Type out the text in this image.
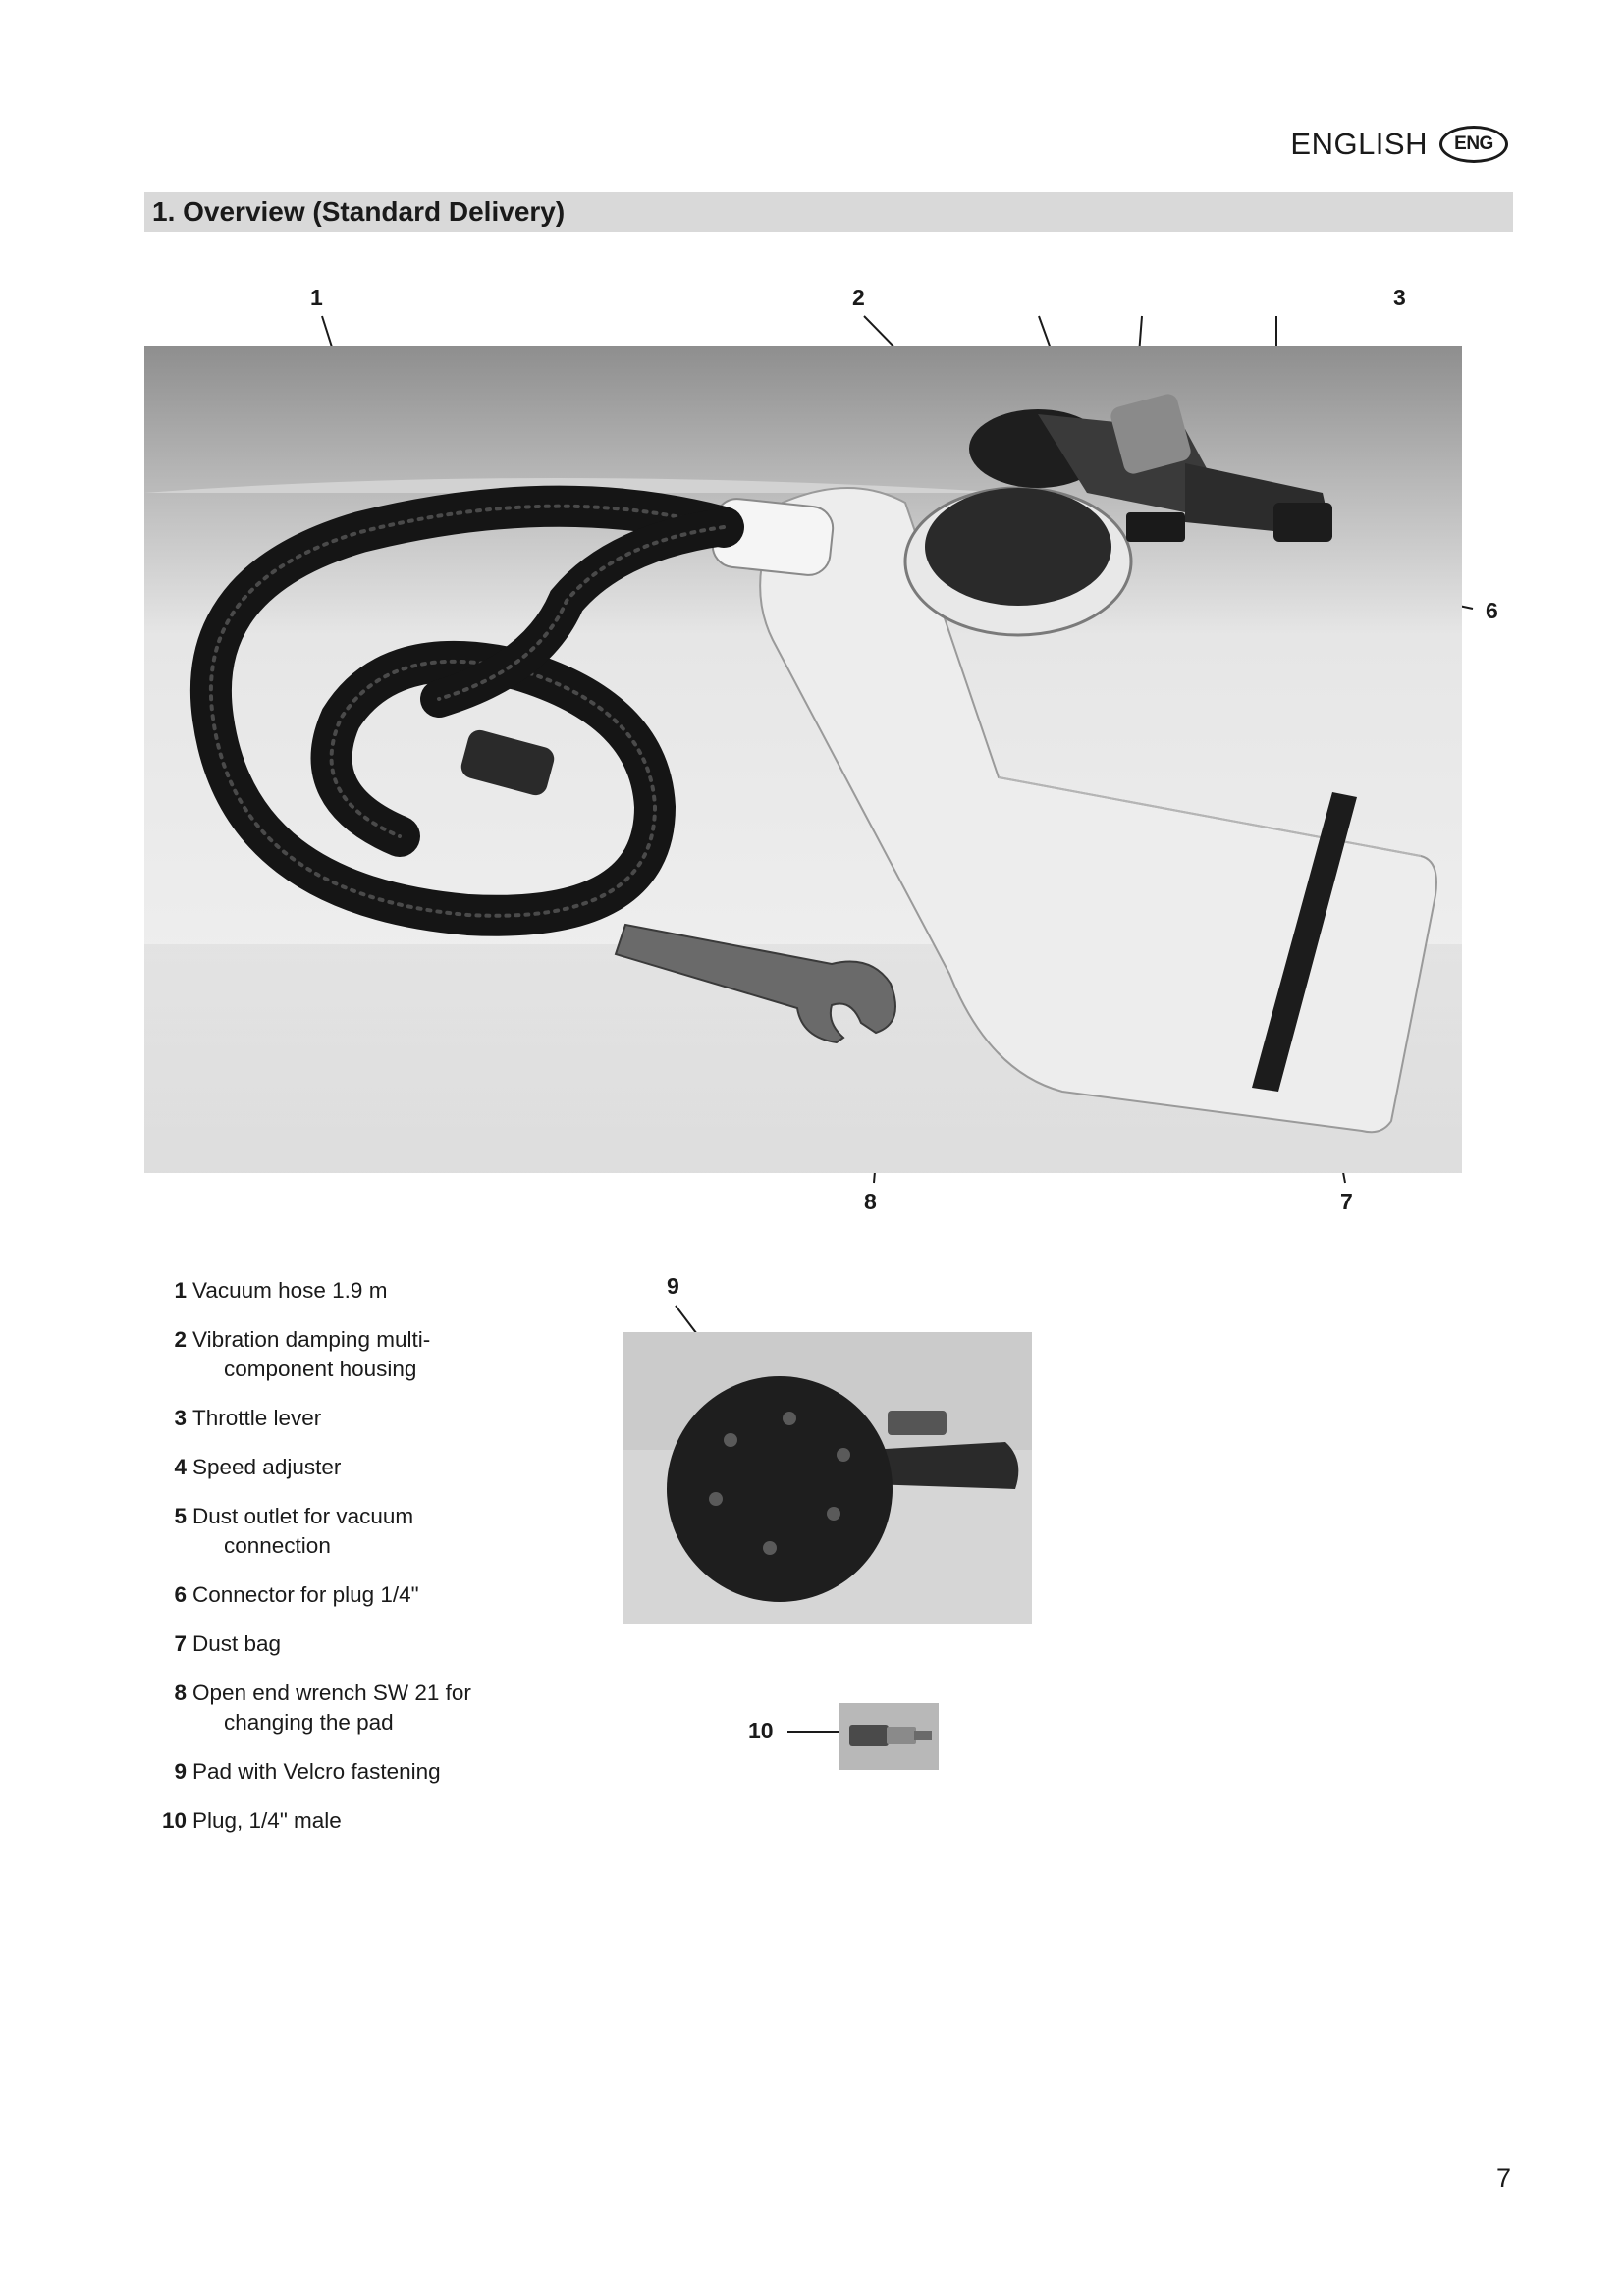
ENGLISH	ENG
1. Overview (Standard Delivery)
1	2	3
6
8	7
9
10
1 Vacuum hose 1.9 m
2 Vibration damping multi-
component housing
3 Throttle lever
4 Speed adjuster
5 Dust outlet for vacuum
connection
6 Connector for plug 1/4"
7 Dust bag
8 Open end wrench SW 21 for
changing the pad
9 Pad with Velcro fastening
10 Plug, 1/4" male
7
